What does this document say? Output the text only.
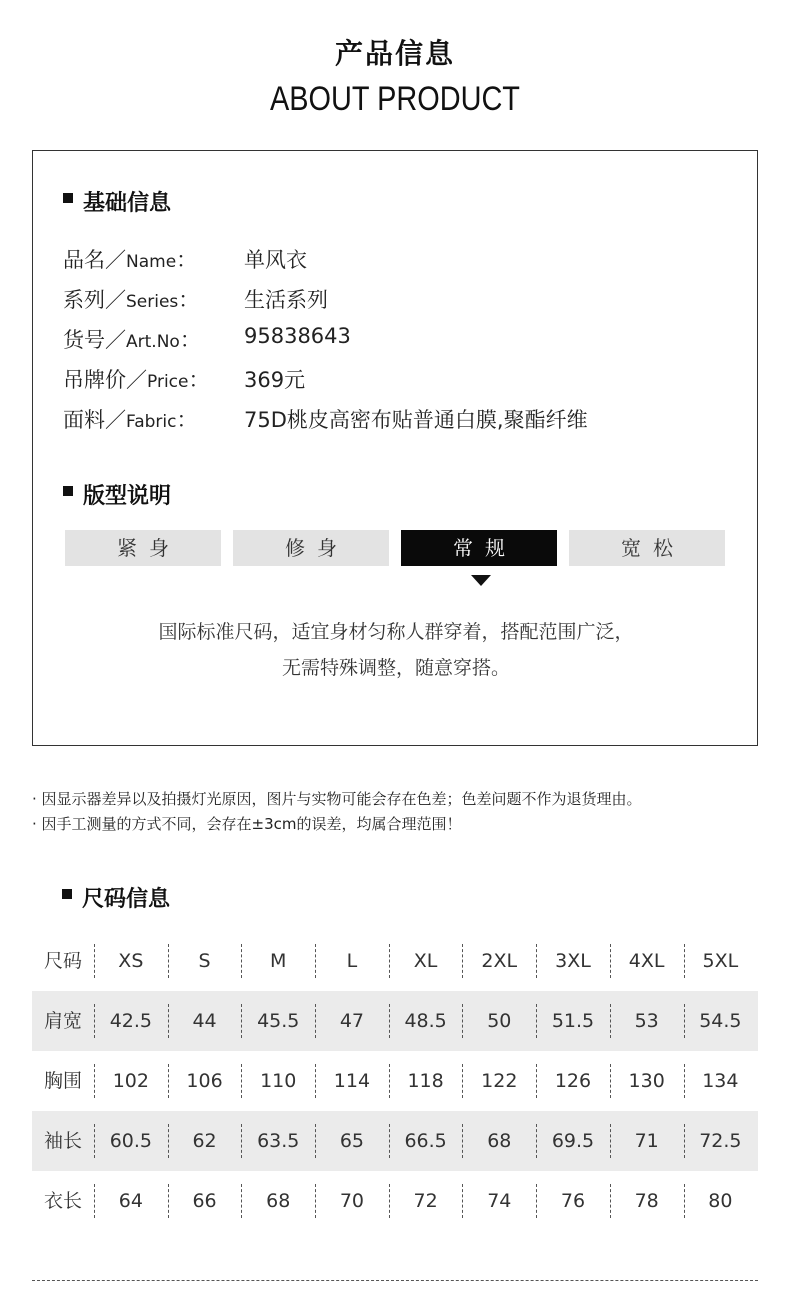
产品信息
ABOUT PRODUCT
基础信息
品名／Name：	单风衣
系列／Series：	生活系列
货号／Art.No：	95838643
吊牌价／Price：	369元
面料／Fabric：	75D桃皮高密布贴普通白膜,聚酯纤维
版型说明
紧身	修身	常规	宽松
国际标准尺码，适宜身材匀称人群穿着，搭配范围广泛，
无需特殊调整，随意穿搭。
· 因显示器差异以及拍摄灯光原因，图片与实物可能会存在色差；色差问题不作为退货理由。
· 因手工测量的方式不同，会存在±3cm的误差，均属合理范围！
尺码信息
尺码	XS	S	M	L	XL	2XL	3XL	4XL	5XL
肩宽	42.5	44	45.5	47	48.5	50	51.5	53	54.5
胸围	102	106	110	114	118	122	126	130	134
袖长	60.5	62	63.5	65	66.5	68	69.5	71	72.5
衣长	64	66	68	70	72	74	76	78	80
